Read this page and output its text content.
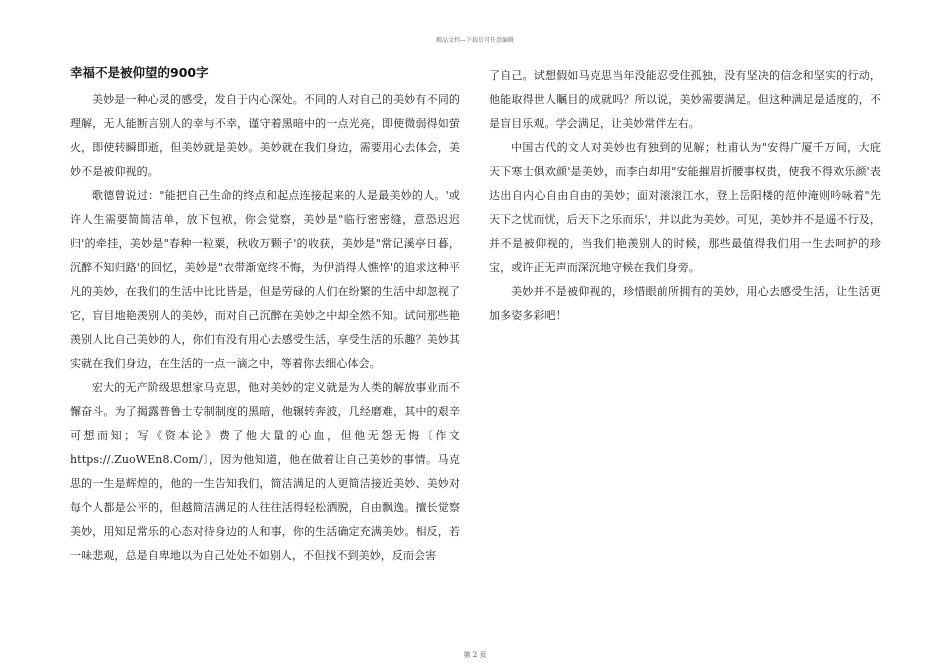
精品文档—下载后可任意编辑
幸福不是被仰望的900字

美妙是一种心灵的感受，发自于内心深处。不同的人对自己的美妙有不同的理解，无人能断言别人的幸与不幸，谨守着黑暗中的一点光亮，即使微弱得如萤火，即使转瞬即逝，但美妙就是美妙。美妙就在我们身边，需要用心去体会，美妙不是被仰视的。

歌德曾说过："能把自己生命的终点和起点连接起来的人是最美妙的人。'或许人生需要简简洁单，放下包袱，你会觉察，美妙是"临行密密缝，意恐迟迟归'的牵挂，美妙是"春种一粒粟，秋收万颗子'的收获，美妙是"常记溪亭日暮，沉醉不知归路'的回忆，美妙是"衣带渐宽终不悔，为伊消得人憔悴'的追求这种平凡的美妙，在我们的生活中比比皆是，但是劳碌的人们在纷繁的生活中却忽视了它，盲目地艳羡别人的美妙，而对自己沉醉在美妙之中却全然不知。试问那些艳羡别人比自己美妙的人，你们有没有用心去感受生活，享受生活的乐趣？美妙其实就在我们身边，在生活的一点一滴之中，等着你去细心体会。

宏大的无产阶级思想家马克思，他对美妙的定义就是为人类的解放事业而不懈奋斗。为了揭露普鲁士专制制度的黑暗，他辗转奔波，几经磨难，其中的艰辛可想而知；写《资本论》费了他大量的心血，但他无怨无悔〔作文https://.ZuoWEn8.Com/〕，因为他知道，他在做着让自己美妙的事情。马克思的一生是辉煌的，他的一生告知我们，简洁满足的人更简洁接近美妙、美妙对每个人都是公平的，但越简洁满足的人往往活得轻松洒脱，自由飘逸。擅长觉察美妙，用知足常乐的心态对待身边的人和事，你的生活确定充满美妙。相反，若一味悲观，总是自卑地以为自己处处不如别人，不但找不到美妙，反而会害

了自己。试想假如马克思当年没能忍受住孤独，没有坚决的信念和坚实的行动，他能取得世人瞩目的成就吗？所以说，美妙需要满足。但这种满足是适度的，不是盲目乐观。学会满足，让美妙常伴左右。

中国古代的文人对美妙也有独到的见解；杜甫认为"安得广厦千万间，大庇天下寒士俱欢颜'是美妙，而李白却用"安能摧眉折腰事权贵，使我不得欢乐颜'表达出自内心自由自由的美妙；面对滚滚江水，登上岳阳楼的范仲淹则吟咏着"先天下之忧而忧，后天下之乐而乐'，并以此为美妙。可见，美妙并不是遥不行及，并不是被仰视的，当我们艳羡别人的时候，那些最值得我们用一生去呵护的珍宝，或许正无声而深沉地守候在我们身旁。

美妙并不是被仰视的，珍惜眼前所拥有的美妙，用心去感受生活，让生活更加多姿多彩吧！

第 2 页
